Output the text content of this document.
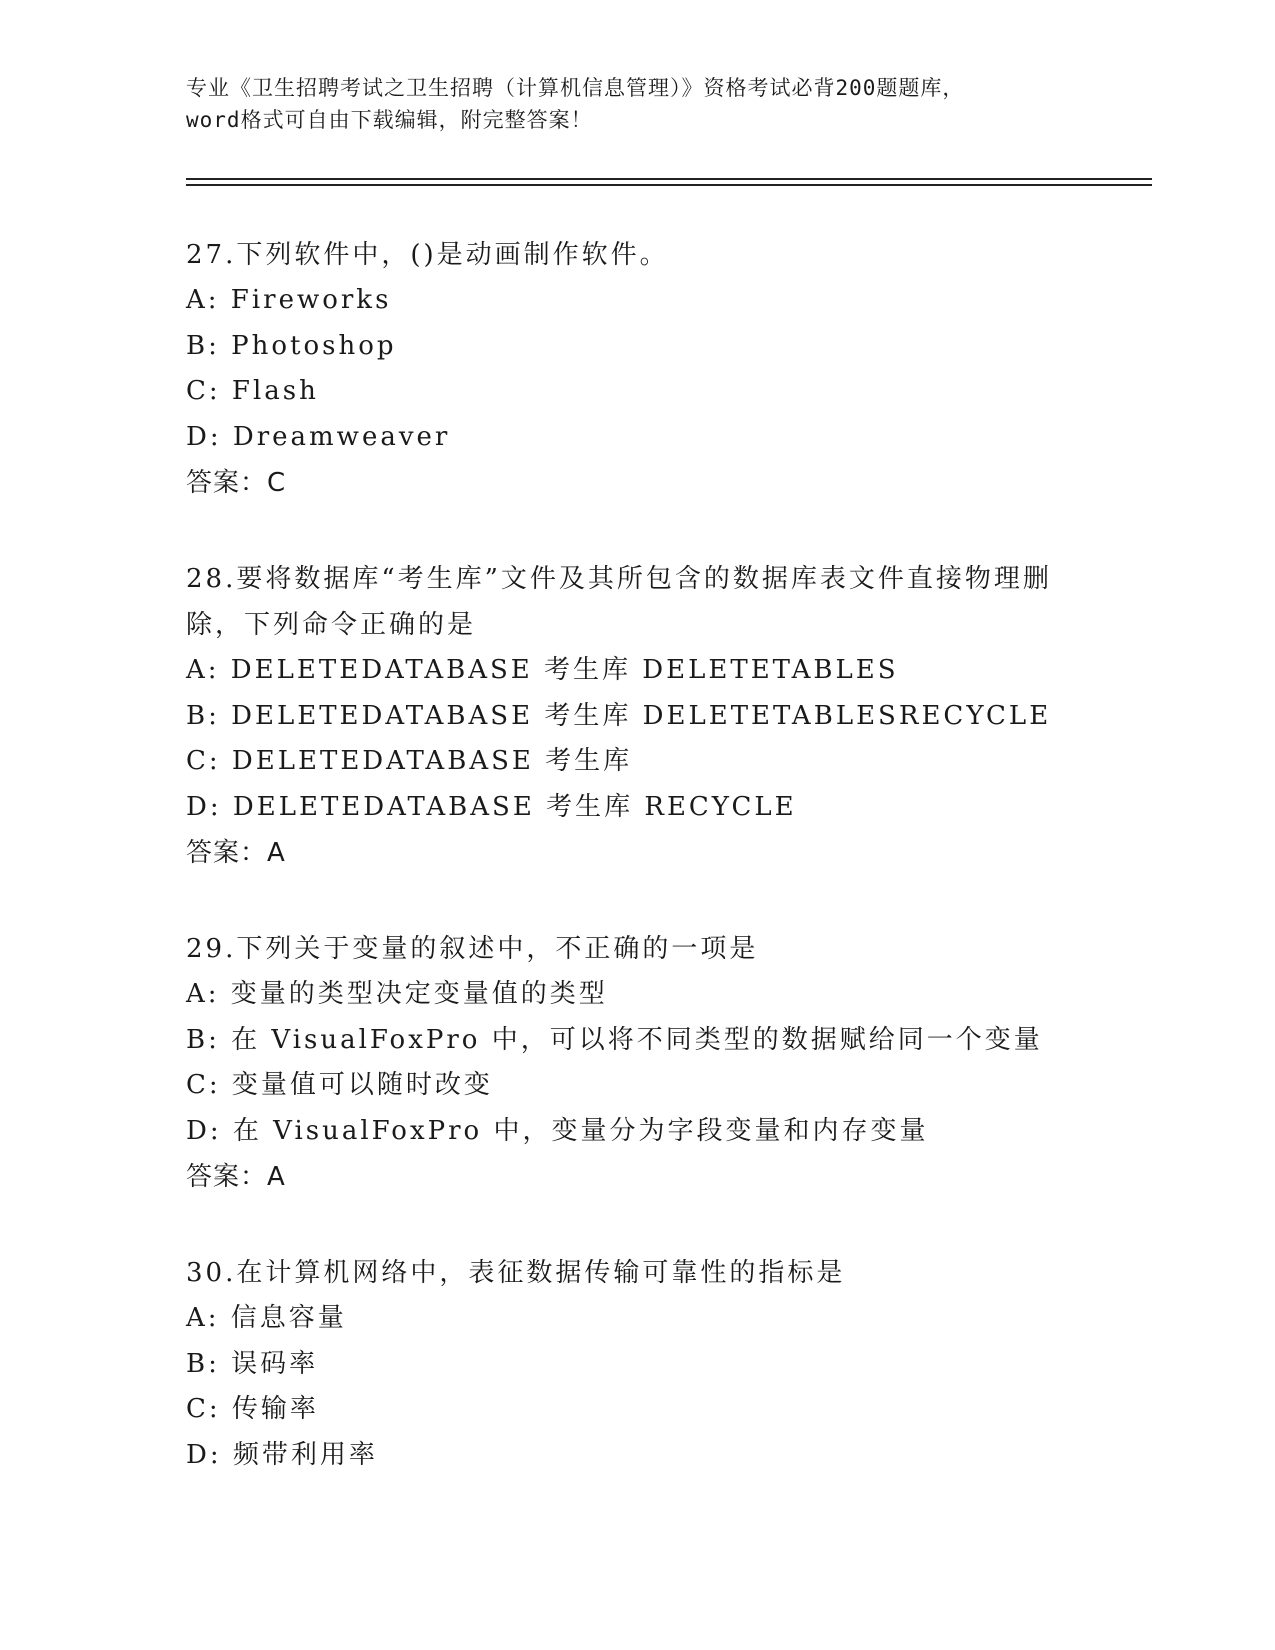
专业《卫生招聘考试之卫生招聘（计算机信息管理）》资格考试必背200题题库，
word格式可自由下载编辑，附完整答案！
27.下列软件中，()是动画制作软件。
A: Fireworks
B: Photoshop
C: Flash
D: Dreamweaver
答案：C
28.要将数据库“考生库”文件及其所包含的数据库表文件直接物理删
除，下列命令正确的是
A: DELETEDATABASE 考生库 DELETETABLES
B: DELETEDATABASE 考生库 DELETETABLESRECYCLE
C: DELETEDATABASE 考生库
D: DELETEDATABASE 考生库 RECYCLE
答案：A
29.下列关于变量的叙述中，不正确的一项是
A: 变量的类型决定变量值的类型
B: 在 VisualFoxPro 中，可以将不同类型的数据赋给同一个变量
C: 变量值可以随时改变
D: 在 VisualFoxPro 中，变量分为字段变量和内存变量
答案：A
30.在计算机网络中，表征数据传输可靠性的指标是
A: 信息容量
B: 误码率
C: 传输率
D: 频带利用率
